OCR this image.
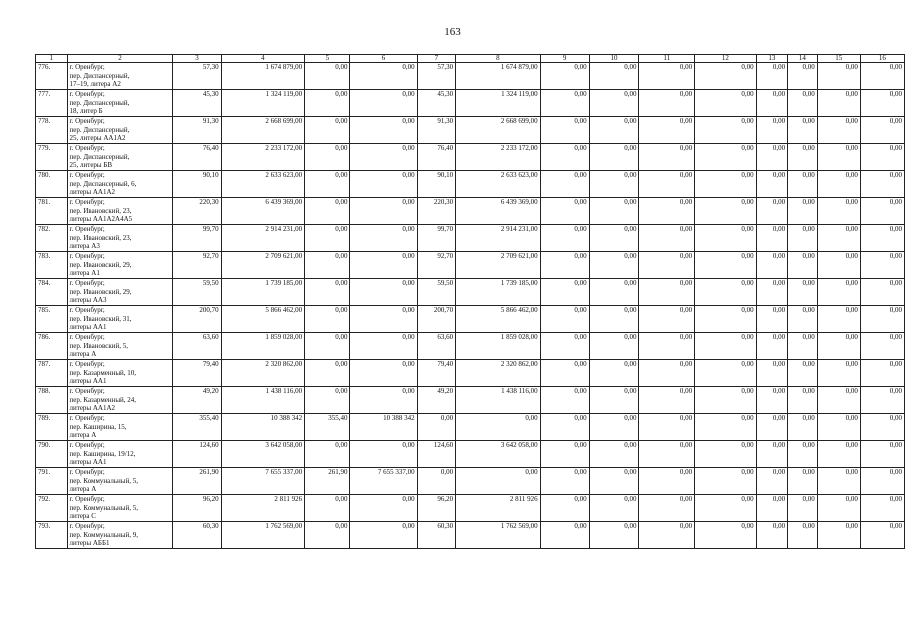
163
1	2	3	4	5	6	7	8	9	10	11	12	13	14	15	16
776.	г. Оренбург,
пер. Диспансерный,
17–19, литера А2	57,30	1 674 879,00	0,00	0,00	57,30	1 674 879,00	0,00	0,00	0,00	0,00	0,00	0,00	0,00	0,00
777.	г. Оренбург,
пер. Диспансерный,
18, литер Б	45,30	1 324 119,00	0,00	0,00	45,30	1 324 119,00	0,00	0,00	0,00	0,00	0,00	0,00	0,00	0,00
778.	г. Оренбург,
пер. Диспансерный,
25, литеры АА1А2	91,30	2 668 699,00	0,00	0,00	91,30	2 668 699,00	0,00	0,00	0,00	0,00	0,00	0,00	0,00	0,00
779.	г. Оренбург,
пер. Диспансерный,
25, литеры БВ	76,40	2 233 172,00	0,00	0,00	76,40	2 233 172,00	0,00	0,00	0,00	0,00	0,00	0,00	0,00	0,00
780.	г. Оренбург,
пер. Диспансерный, 6,
литеры АА1А2	90,10	2 633 623,00	0,00	0,00	90,10	2 633 623,00	0,00	0,00	0,00	0,00	0,00	0,00	0,00	0,00
781.	г. Оренбург,
пер. Ивановский, 23,
литеры АА1А2А4А5	220,30	6 439 369,00	0,00	0,00	220,30	6 439 369,00	0,00	0,00	0,00	0,00	0,00	0,00	0,00	0,00
782.	г. Оренбург,
пер. Ивановский, 23,
литера А3	99,70	2 914 231,00	0,00	0,00	99,70	2 914 231,00	0,00	0,00	0,00	0,00	0,00	0,00	0,00	0,00
783.	г. Оренбург,
пер. Ивановский, 29,
литера А1	92,70	2 709 621,00	0,00	0,00	92,70	2 709 621,00	0,00	0,00	0,00	0,00	0,00	0,00	0,00	0,00
784.	г. Оренбург,
пер. Ивановский, 29,
литеры АА3	59,50	1 739 185,00	0,00	0,00	59,50	1 739 185,00	0,00	0,00	0,00	0,00	0,00	0,00	0,00	0,00
785.	г. Оренбург,
пер. Ивановский, 31,
литеры АА1	200,70	5 866 462,00	0,00	0,00	200,70	5 866 462,00	0,00	0,00	0,00	0,00	0,00	0,00	0,00	0,00
786.	г. Оренбург,
пер. Ивановский, 5,
литера А	63,60	1 859 028,00	0,00	0,00	63,60	1 859 028,00	0,00	0,00	0,00	0,00	0,00	0,00	0,00	0,00
787.	г. Оренбург,
пер. Казарменный, 10,
литеры АА1	79,40	2 320 862,00	0,00	0,00	79,40	2 320 862,00	0,00	0,00	0,00	0,00	0,00	0,00	0,00	0,00
788.	г. Оренбург,
пер. Казарменный, 24,
литеры АА1А2	49,20	1 438 116,00	0,00	0,00	49,20	1 438 116,00	0,00	0,00	0,00	0,00	0,00	0,00	0,00	0,00
789.	г. Оренбург,
пер. Каширина, 15,
литера А	355,40	10 388 342	355,40	10 388 342	0,00	0,00	0,00	0,00	0,00	0,00	0,00	0,00	0,00	0,00
790.	г. Оренбург,
пер. Каширина, 19/12,
литеры АА1	124,60	3 642 058,00	0,00	0,00	124,60	3 642 058,00	0,00	0,00	0,00	0,00	0,00	0,00	0,00	0,00
791.	г. Оренбург,
пер. Коммунальный, 5,
литера А	261,90	7 655 337,00	261,90	7 655 337,00	0,00	0,00	0,00	0,00	0,00	0,00	0,00	0,00	0,00	0,00
792.	г. Оренбург,
пер. Коммунальный, 5,
литера С	96,20	2 811 926	0,00	0,00	96,20	2 811 926	0,00	0,00	0,00	0,00	0,00	0,00	0,00	0,00
793.	г. Оренбург,
пер. Коммунальный, 9,
литеры АББ1	60,30	1 762 569,00	0,00	0,00	60,30	1 762 569,00	0,00	0,00	0,00	0,00	0,00	0,00	0,00	0,00
